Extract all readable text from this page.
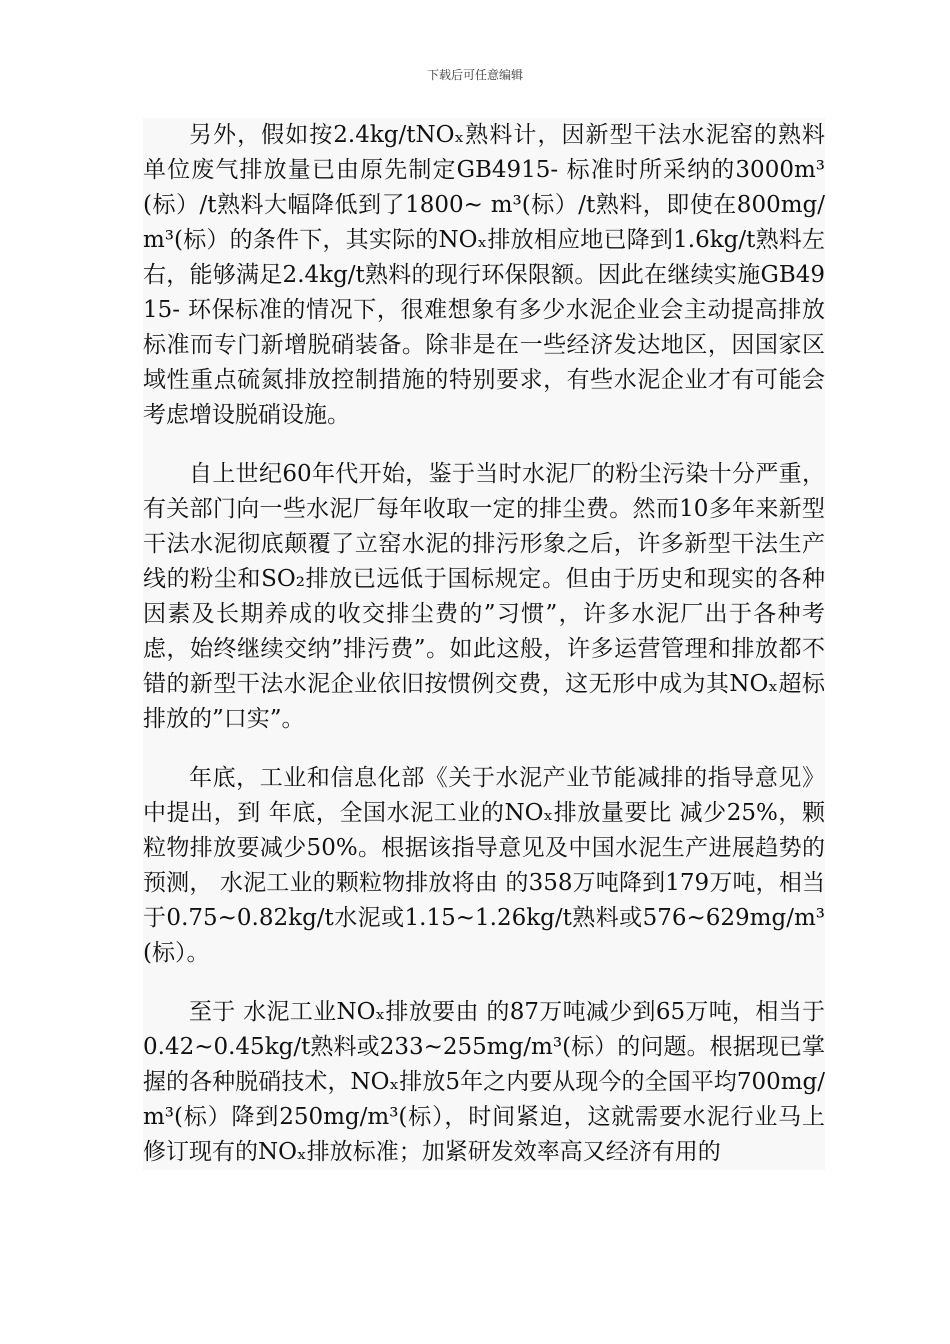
下载后可任意编辑

另外，假如按2.4kg/tNOₓ熟料计，因新型干法水泥窑的熟料单位废气排放量已由原先制定GB4915- 标准时所采纳的3000m³(标）/t熟料大幅降低到了1800~ m³(标）/t熟料，即使在800mg/m³(标）的条件下，其实际的NOₓ排放相应地已降到1.6kg/t熟料左右，能够满足2.4kg/t熟料的现行环保限额。因此在继续实施GB4915- 环保标准的情况下，很难想象有多少水泥企业会主动提高排放标准而专门新增脱硝装备。除非是在一些经济发达地区，因国家区域性重点硫氮排放控制措施的特别要求，有些水泥企业才有可能会考虑增设脱硝设施。

自上世纪60年代开始，鉴于当时水泥厂的粉尘污染十分严重，有关部门向一些水泥厂每年收取一定的排尘费。然而10多年来新型干法水泥彻底颠覆了立窑水泥的排污形象之后，许多新型干法生产线的粉尘和SO₂排放已远低于国标规定。但由于历史和现实的各种因素及长期养成的收交排尘费的”习惯”，许多水泥厂出于各种考虑，始终继续交纳”排污费”。如此这般，许多运营管理和排放都不错的新型干法水泥企业依旧按惯例交费，这无形中成为其NOₓ超标排放的”口实”。

年底，工业和信息化部《关于水泥产业节能减排的指导意见》中提出，到 年底，全国水泥工业的NOₓ排放量要比 减少25%，颗粒物排放要减少50%。根据该指导意见及中国水泥生产进展趋势的预测， 水泥工业的颗粒物排放将由 的358万吨降到179万吨，相当于0.75~0.82kg/t水泥或1.15~1.26kg/t熟料或576~629mg/m³(标）。

至于 水泥工业NOₓ排放要由 的87万吨减少到65万吨，相当于0.42~0.45kg/t熟料或233~255mg/m³(标）的问题。根据现已掌握的各种脱硝技术，NOₓ排放5年之内要从现今的全国平均700mg/m³(标）降到250mg/m³(标），时间紧迫，这就需要水泥行业马上修订现有的NOₓ排放标准；加紧研发效率高又经济有用的
